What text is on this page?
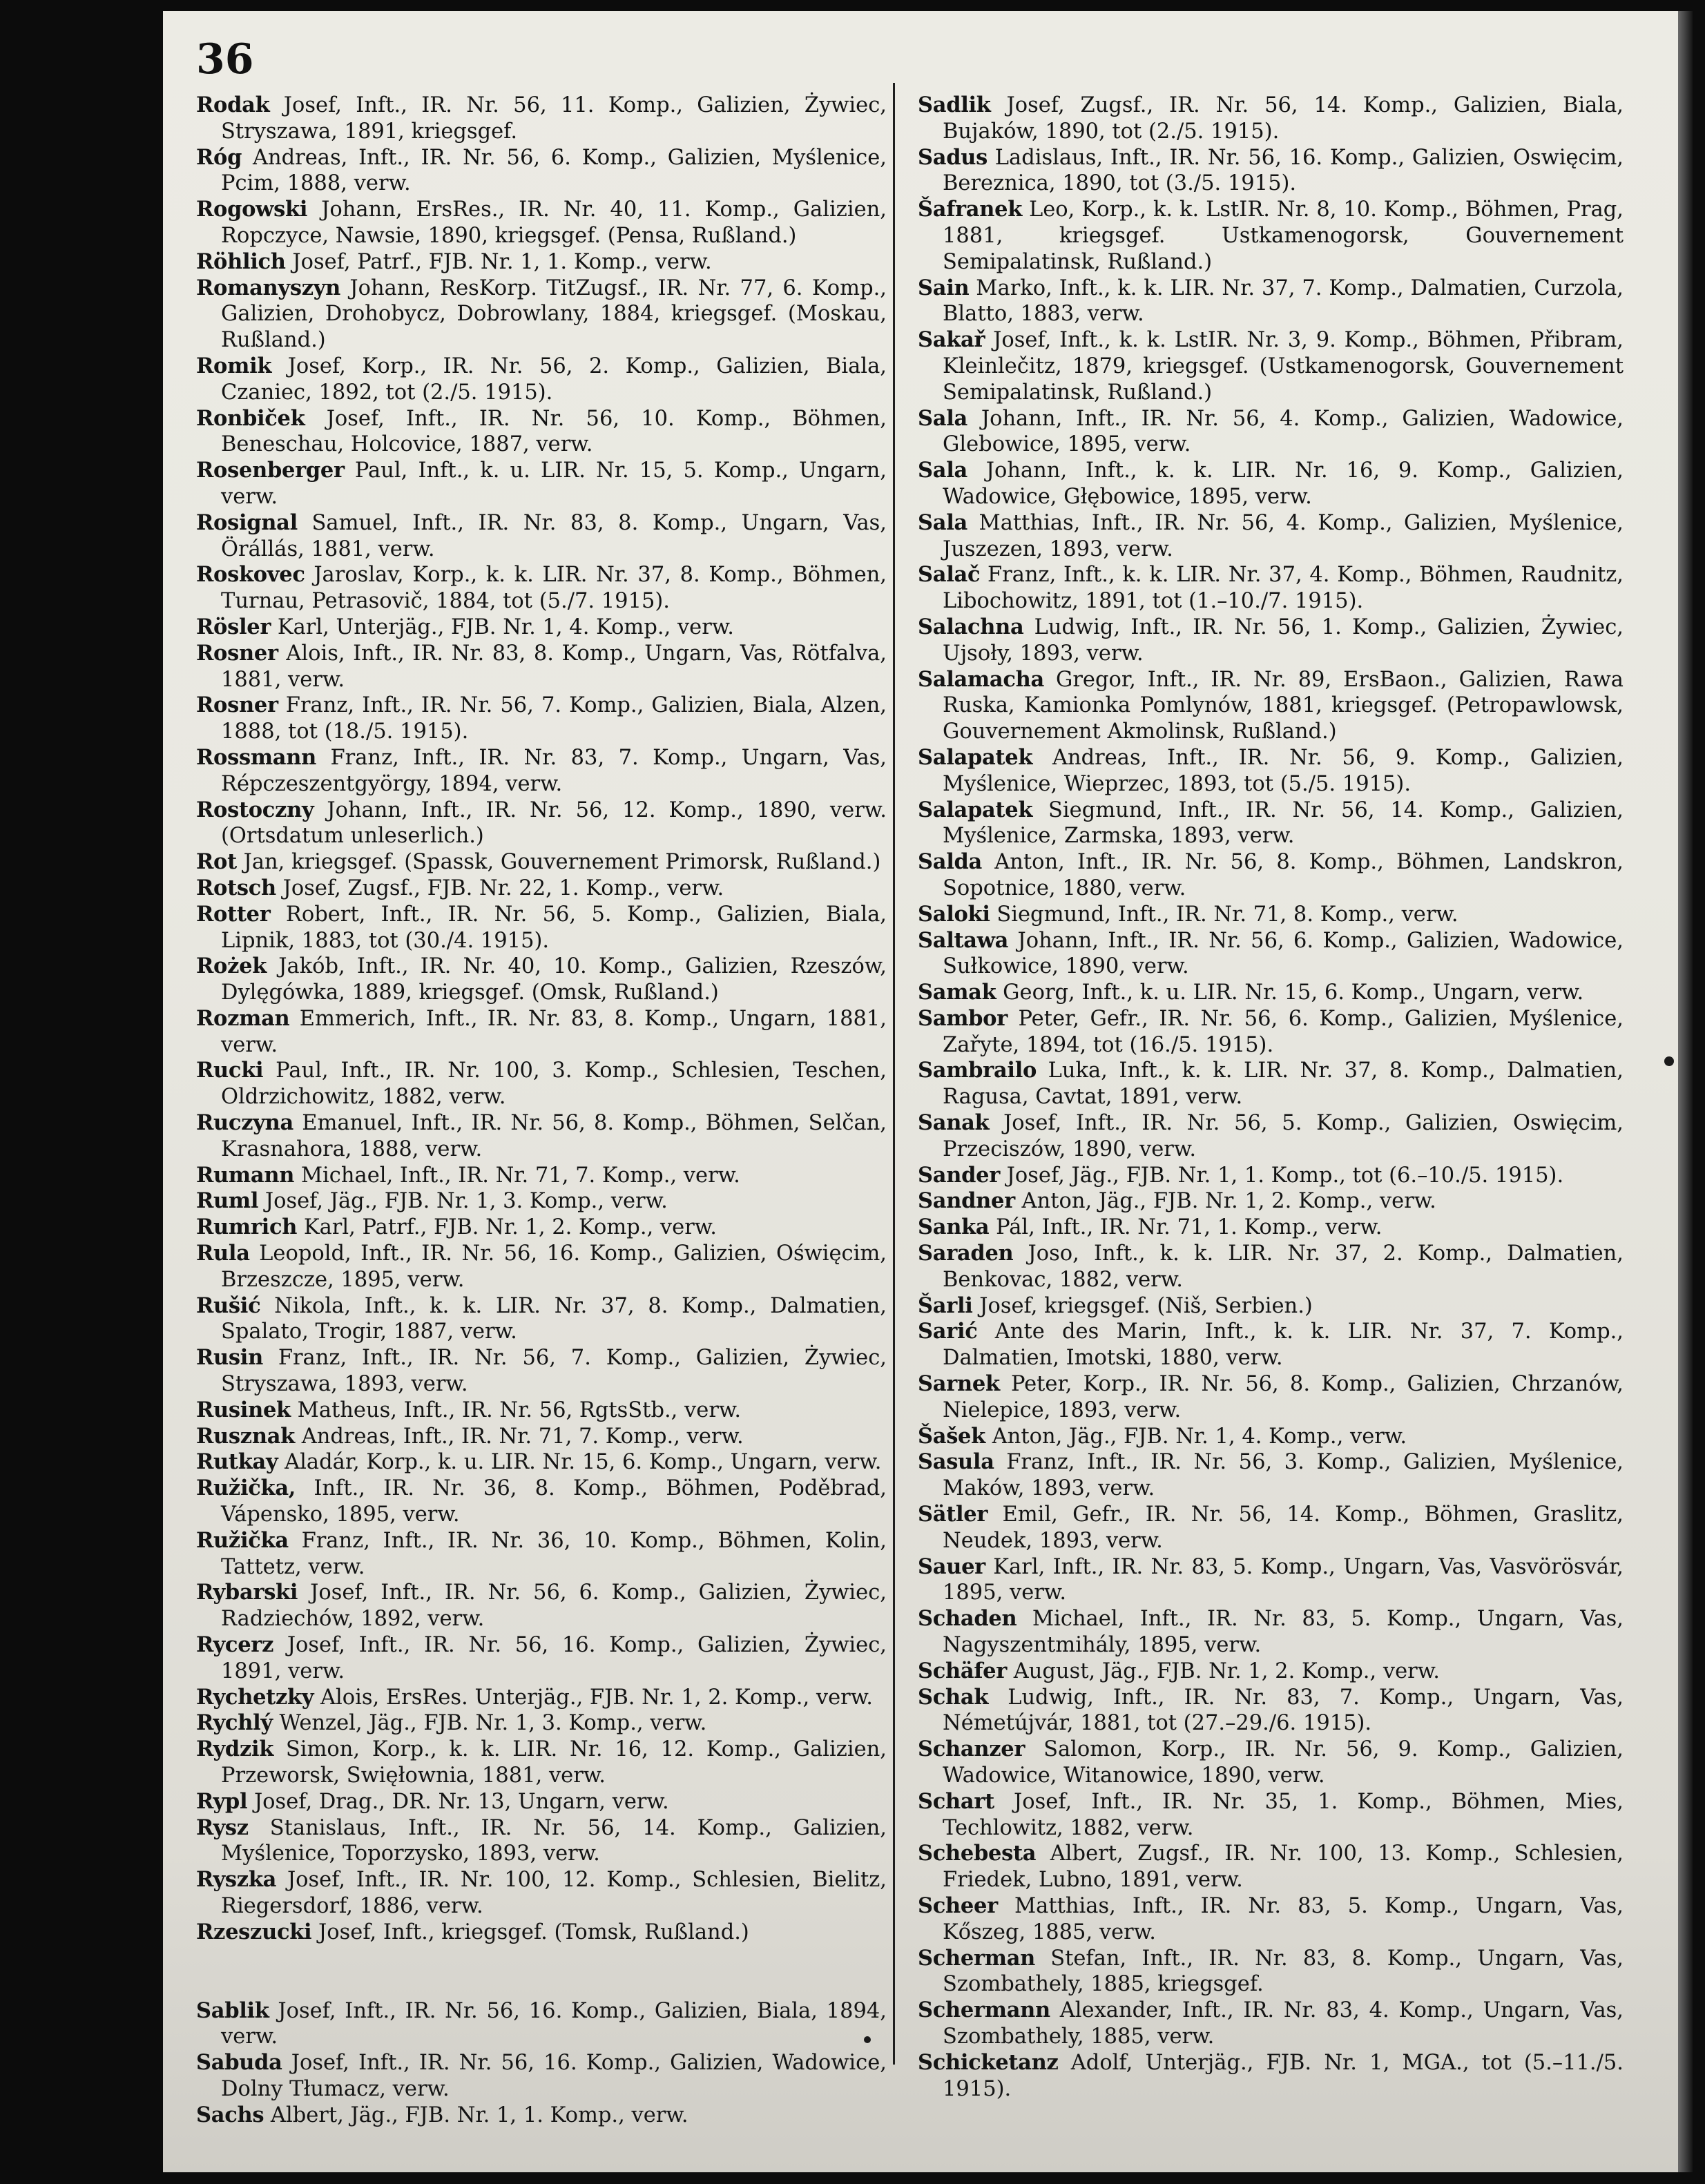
36

Rodak Josef, Inft., IR. Nr. 56, 11. Komp., Galizien, Żywiec, Stryszawa, 1891, kriegsgef.

Róg Andreas, Inft., IR. Nr. 56, 6. Komp., Galizien, Myślenice, Pcim, 1888, verw.

Rogowski Johann, ErsRes., IR. Nr. 40, 11. Komp., Galizien, Ropczyce, Nawsie, 1890, kriegsgef. (Pensa, Rußland.)

Röhlich Josef, Patrf., FJB. Nr. 1, 1. Komp., verw.

Romanyszyn Johann, ResKorp. TitZugsf., IR. Nr. 77, 6. Komp., Galizien, Drohobycz, Dobrowlany, 1884, kriegsgef. (Moskau, Rußland.)

Romik Josef, Korp., IR. Nr. 56, 2. Komp., Galizien, Biala, Czaniec, 1892, tot (2./5. 1915).

Ronbiček Josef, Inft., IR. Nr. 56, 10. Komp., Böhmen, Beneschau, Holcovice, 1887, verw.

Rosenberger Paul, Inft., k. u. LIR. Nr. 15, 5. Komp., Ungarn, verw.

Rosignal Samuel, Inft., IR. Nr. 83, 8. Komp., Ungarn, Vas, Örállás, 1881, verw.

Roskovec Jaroslav, Korp., k. k. LIR. Nr. 37, 8. Komp., Böhmen, Turnau, Petrasovič, 1884, tot (5./7. 1915).

Rösler Karl, Unterjäg., FJB. Nr. 1, 4. Komp., verw.

Rosner Alois, Inft., IR. Nr. 83, 8. Komp., Ungarn, Vas, Rötfalva, 1881, verw.

Rosner Franz, Inft., IR. Nr. 56, 7. Komp., Galizien, Biala, Alzen, 1888, tot (18./5. 1915).

Rossmann Franz, Inft., IR. Nr. 83, 7. Komp., Ungarn, Vas, Répczeszentgyörgy, 1894, verw.

Rostoczny Johann, Inft., IR. Nr. 56, 12. Komp., 1890, verw. (Ortsdatum unleserlich.)

Rot Jan, kriegsgef. (Spassk, Gouvernement Primorsk, Rußland.)

Rotsch Josef, Zugsf., FJB. Nr. 22, 1. Komp., verw.

Rotter Robert, Inft., IR. Nr. 56, 5. Komp., Galizien, Biala, Lipnik, 1883, tot (30./4. 1915).

Rożek Jakób, Inft., IR. Nr. 40, 10. Komp., Galizien, Rzeszów, Dylęgówka, 1889, kriegsgef. (Omsk, Rußland.)

Rozman Emmerich, Inft., IR. Nr. 83, 8. Komp., Ungarn, 1881, verw.

Rucki Paul, Inft., IR. Nr. 100, 3. Komp., Schlesien, Teschen, Oldrzichowitz, 1882, verw.

Ruczyna Emanuel, Inft., IR. Nr. 56, 8. Komp., Böhmen, Selčan, Krasnahora, 1888, verw.

Rumann Michael, Inft., IR. Nr. 71, 7. Komp., verw.

Ruml Josef, Jäg., FJB. Nr. 1, 3. Komp., verw.

Rumrich Karl, Patrf., FJB. Nr. 1, 2. Komp., verw.

Rula Leopold, Inft., IR. Nr. 56, 16. Komp., Galizien, Oświęcim, Brzeszcze, 1895, verw.

Rušić Nikola, Inft., k. k. LIR. Nr. 37, 8. Komp., Dalmatien, Spalato, Trogir, 1887, verw.

Rusin Franz, Inft., IR. Nr. 56, 7. Komp., Galizien, Żywiec, Stryszawa, 1893, verw.

Rusinek Matheus, Inft., IR. Nr. 56, RgtsStb., verw.

Rusznak Andreas, Inft., IR. Nr. 71, 7. Komp., verw.

Rutkay Aladár, Korp., k. u. LIR. Nr. 15, 6. Komp., Ungarn, verw.

Ružička, Inft., IR. Nr. 36, 8. Komp., Böhmen, Poděbrad, Vápensko, 1895, verw.

Ružička Franz, Inft., IR. Nr. 36, 10. Komp., Böhmen, Kolin, Tattetz, verw.

Rybarski Josef, Inft., IR. Nr. 56, 6. Komp., Galizien, Żywiec, Radziechów, 1892, verw.

Rycerz Josef, Inft., IR. Nr. 56, 16. Komp., Galizien, Żywiec, 1891, verw.

Rychetzky Alois, ErsRes. Unterjäg., FJB. Nr. 1, 2. Komp., verw.

Rychlý Wenzel, Jäg., FJB. Nr. 1, 3. Komp., verw.

Rydzik Simon, Korp., k. k. LIR. Nr. 16, 12. Komp., Galizien, Przeworsk, Swięłownia, 1881, verw.

Rypl Josef, Drag., DR. Nr. 13, Ungarn, verw.

Rysz Stanislaus, Inft., IR. Nr. 56, 14. Komp., Galizien, Myślenice, Toporzysko, 1893, verw.

Ryszka Josef, Inft., IR. Nr. 100, 12. Komp., Schlesien, Bielitz, Riegersdorf, 1886, verw.

Rzeszucki Josef, Inft., kriegsgef. (Tomsk, Rußland.)

Sablik Josef, Inft., IR. Nr. 56, 16. Komp., Galizien, Biala, 1894, verw.

Sabuda Josef, Inft., IR. Nr. 56, 16. Komp., Galizien, Wadowice, Dolny Tłumacz, verw.

Sachs Albert, Jäg., FJB. Nr. 1, 1. Komp., verw.

Sadlik Josef, Zugsf., IR. Nr. 56, 14. Komp., Galizien, Biala, Bujaków, 1890, tot (2./5. 1915).

Sadus Ladislaus, Inft., IR. Nr. 56, 16. Komp., Galizien, Oswięcim, Bereznica, 1890, tot (3./5. 1915).

Šafranek Leo, Korp., k. k. LstIR. Nr. 8, 10. Komp., Böhmen, Prag, 1881, kriegsgef. Ustkamenogorsk, Gouvernement Semipalatinsk, Rußland.)

Sain Marko, Inft., k. k. LIR. Nr. 37, 7. Komp., Dalmatien, Curzola, Blatto, 1883, verw.

Sakař Josef, Inft., k. k. LstIR. Nr. 3, 9. Komp., Böhmen, Přibram, Kleinlečitz, 1879, kriegsgef. (Ustkamenogorsk, Gouvernement Semipalatinsk, Rußland.)

Sala Johann, Inft., IR. Nr. 56, 4. Komp., Galizien, Wadowice, Glebowice, 1895, verw.

Sala Johann, Inft., k. k. LIR. Nr. 16, 9. Komp., Galizien, Wadowice, Głębowice, 1895, verw.

Sala Matthias, Inft., IR. Nr. 56, 4. Komp., Galizien, Myślenice, Juszezen, 1893, verw.

Salač Franz, Inft., k. k. LIR. Nr. 37, 4. Komp., Böhmen, Raudnitz, Libochowitz, 1891, tot (1.–10./7. 1915).

Salachna Ludwig, Inft., IR. Nr. 56, 1. Komp., Galizien, Żywiec, Ujsoły, 1893, verw.

Salamacha Gregor, Inft., IR. Nr. 89, ErsBaon., Galizien, Rawa Ruska, Kamionka Pomlynów, 1881, kriegsgef. (Petropawlowsk, Gouvernement Akmolinsk, Rußland.)

Salapatek Andreas, Inft., IR. Nr. 56, 9. Komp., Galizien, Myślenice, Wieprzec, 1893, tot (5./5. 1915).

Salapatek Siegmund, Inft., IR. Nr. 56, 14. Komp., Galizien, Myślenice, Zarmska, 1893, verw.

Salda Anton, Inft., IR. Nr. 56, 8. Komp., Böhmen, Landskron, Sopotnice, 1880, verw.

Saloki Siegmund, Inft., IR. Nr. 71, 8. Komp., verw.

Saltawa Johann, Inft., IR. Nr. 56, 6. Komp., Galizien, Wadowice, Sułkowice, 1890, verw.

Samak Georg, Inft., k. u. LIR. Nr. 15, 6. Komp., Ungarn, verw.

Sambor Peter, Gefr., IR. Nr. 56, 6. Komp., Galizien, Myślenice, Zařyte, 1894, tot (16./5. 1915).

Sambrailo Luka, Inft., k. k. LIR. Nr. 37, 8. Komp., Dalmatien, Ragusa, Cavtat, 1891, verw.

Sanak Josef, Inft., IR. Nr. 56, 5. Komp., Galizien, Oswięcim, Przeciszów, 1890, verw.

Sander Josef, Jäg., FJB. Nr. 1, 1. Komp., tot (6.–10./5. 1915).

Sandner Anton, Jäg., FJB. Nr. 1, 2. Komp., verw.

Sanka Pál, Inft., IR. Nr. 71, 1. Komp., verw.

Saraden Joso, Inft., k. k. LIR. Nr. 37, 2. Komp., Dalmatien, Benkovac, 1882, verw.

Šarli Josef, kriegsgef. (Niš, Serbien.)

Sarić Ante des Marin, Inft., k. k. LIR. Nr. 37, 7. Komp., Dalmatien, Imotski, 1880, verw.

Sarnek Peter, Korp., IR. Nr. 56, 8. Komp., Galizien, Chrzanów, Nielepice, 1893, verw.

Šašek Anton, Jäg., FJB. Nr. 1, 4. Komp., verw.

Sasula Franz, Inft., IR. Nr. 56, 3. Komp., Galizien, Myślenice, Maków, 1893, verw.

Sätler Emil, Gefr., IR. Nr. 56, 14. Komp., Böhmen, Graslitz, Neudek, 1893, verw.

Sauer Karl, Inft., IR. Nr. 83, 5. Komp., Ungarn, Vas, Vasvörösvár, 1895, verw.

Schaden Michael, Inft., IR. Nr. 83, 5. Komp., Ungarn, Vas, Nagyszentmihály, 1895, verw.

Schäfer August, Jäg., FJB. Nr. 1, 2. Komp., verw.

Schak Ludwig, Inft., IR. Nr. 83, 7. Komp., Ungarn, Vas, Németújvár, 1881, tot (27.–29./6. 1915).

Schanzer Salomon, Korp., IR. Nr. 56, 9. Komp., Galizien, Wadowice, Witanowice, 1890, verw.

Schart Josef, Inft., IR. Nr. 35, 1. Komp., Böhmen, Mies, Techlowitz, 1882, verw.

Schebesta Albert, Zugsf., IR. Nr. 100, 13. Komp., Schlesien, Friedek, Lubno, 1891, verw.

Scheer Matthias, Inft., IR. Nr. 83, 5. Komp., Ungarn, Vas, Kőszeg, 1885, verw.

Scherman Stefan, Inft., IR. Nr. 83, 8. Komp., Ungarn, Vas, Szombathely, 1885, kriegsgef.

Schermann Alexander, Inft., IR. Nr. 83, 4. Komp., Ungarn, Vas, Szombathely, 1885, verw.

Schicketanz Adolf, Unterjäg., FJB. Nr. 1, MGA., tot (5.–11./5. 1915).
